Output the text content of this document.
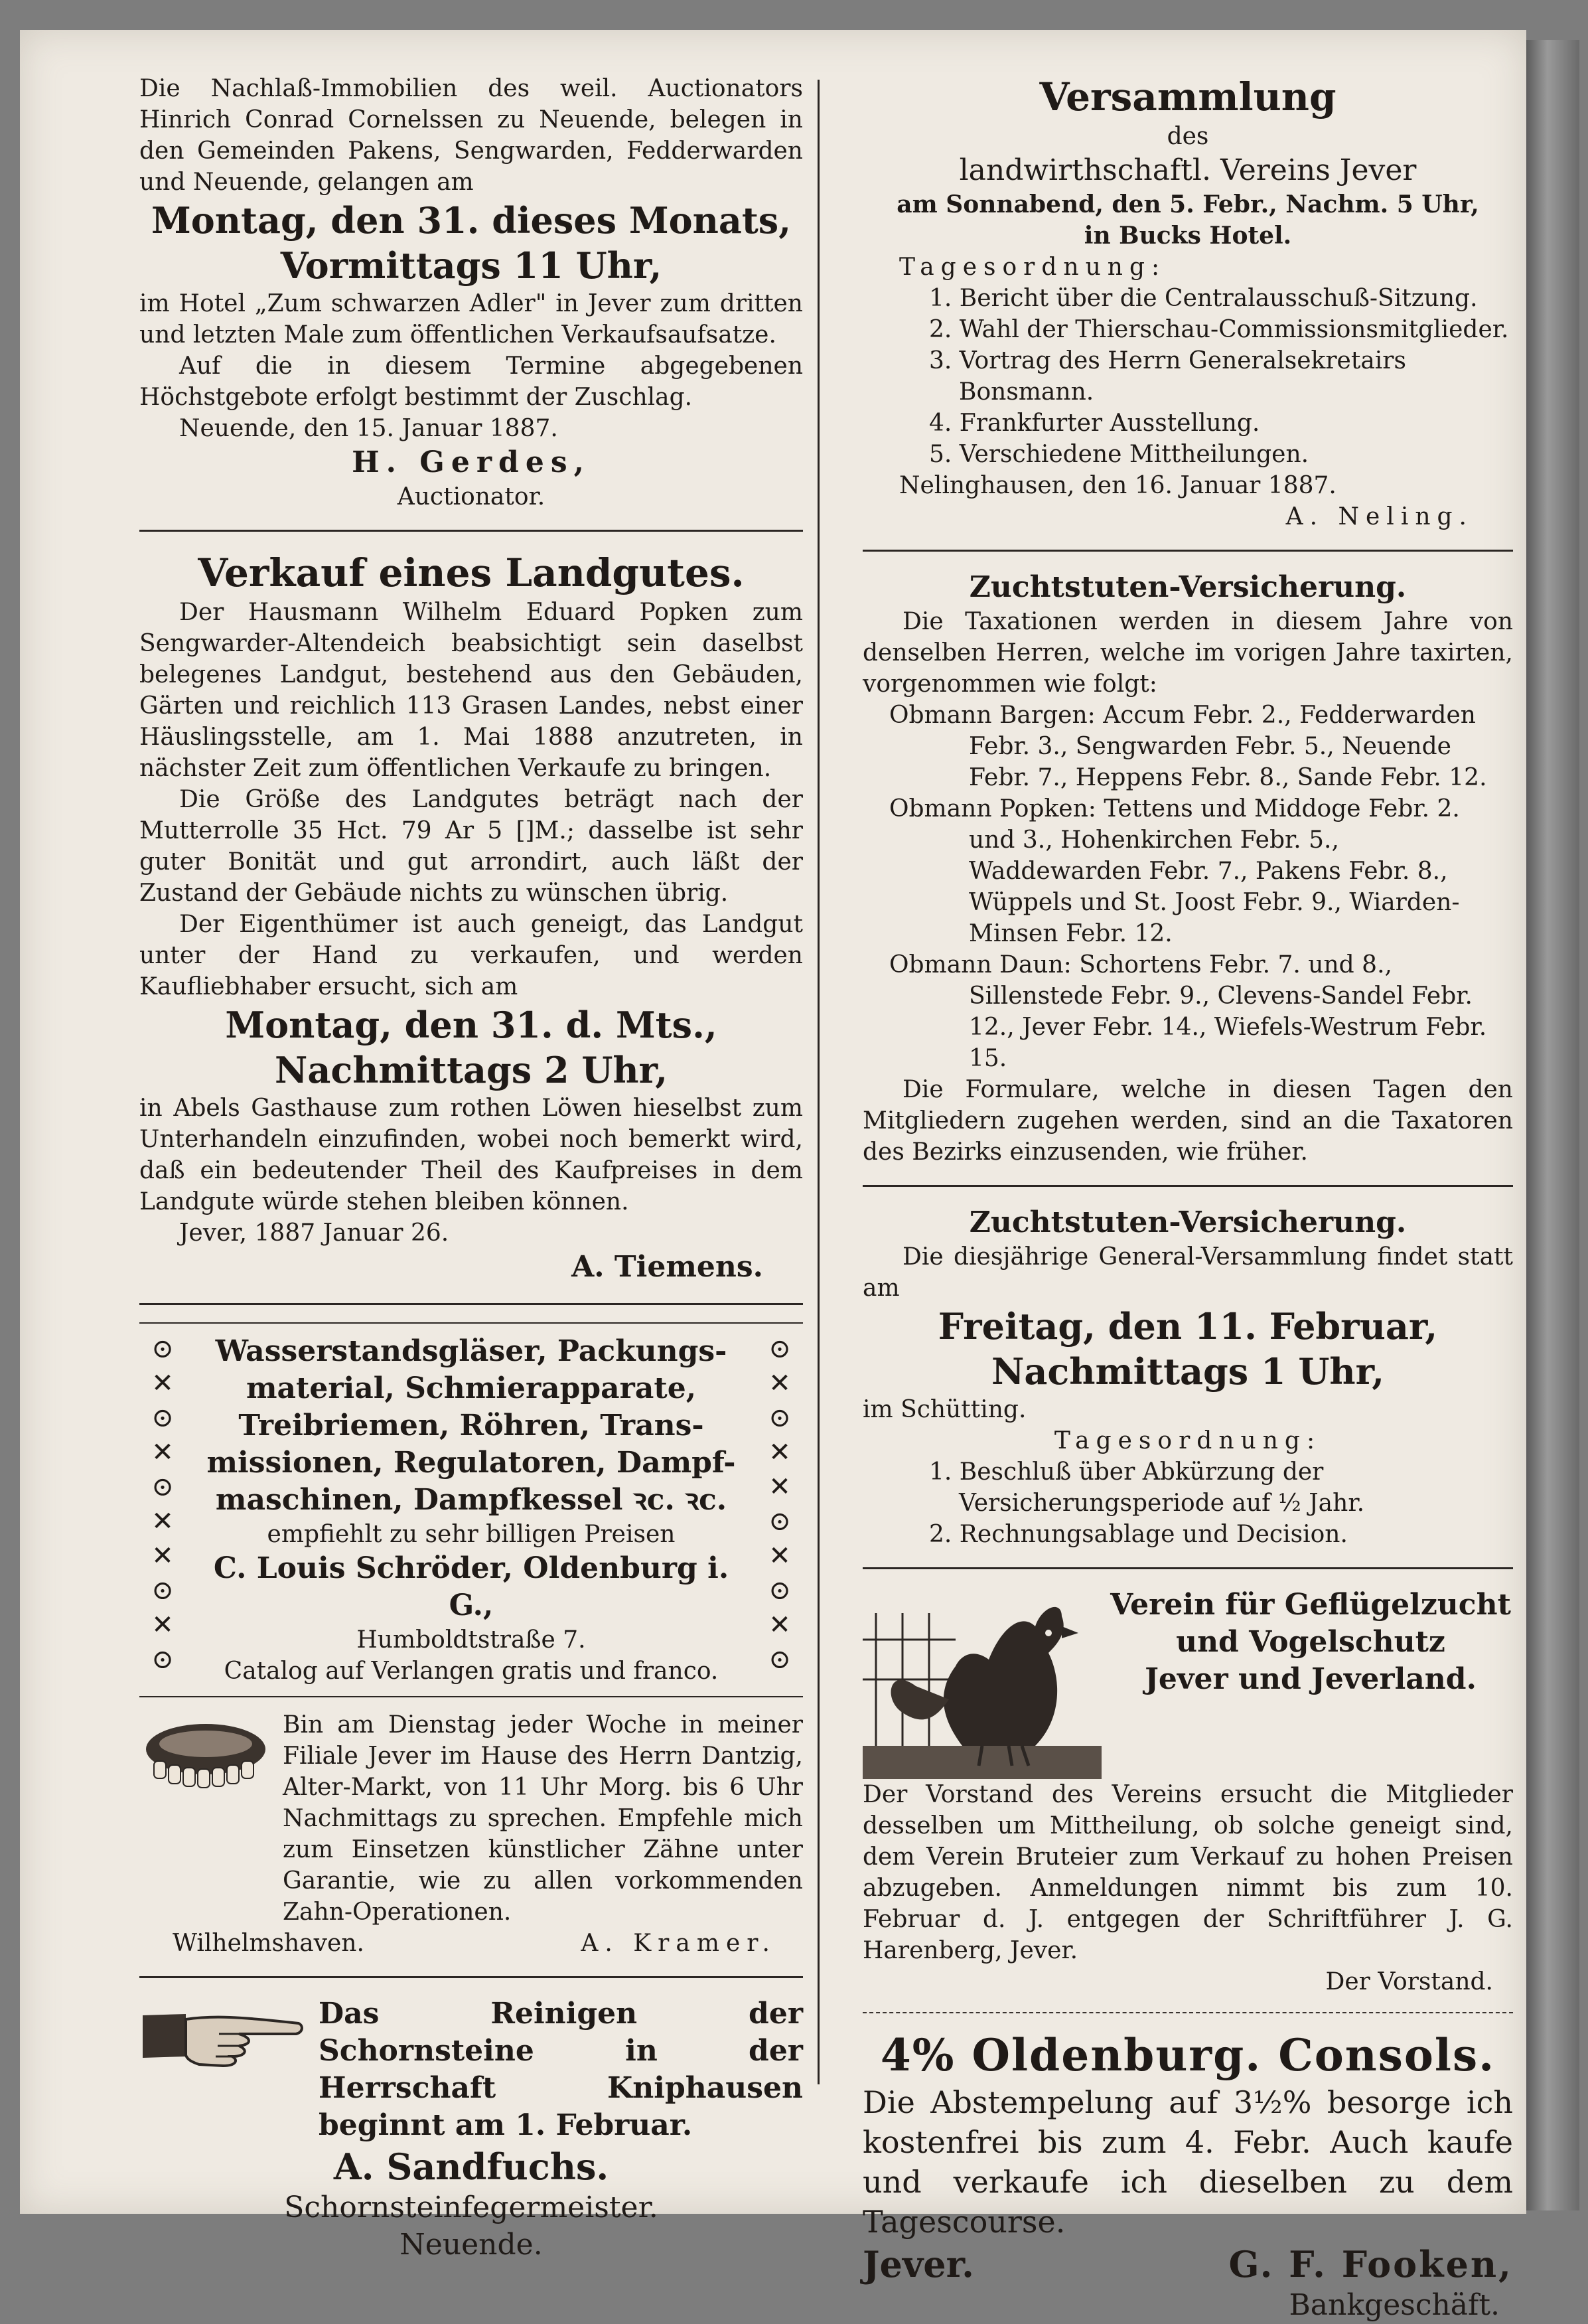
Die Nachlaß-Immobilien des weil. Auctionators Hinrich Conrad Cornelssen zu Neuende, belegen in den Gemeinden Pakens, Sengwarden, Fedderwarden und Neuende, gelangen am

Montag, den 31. dieses Monats,

Vormittags 11 Uhr,

im Hotel „Zum schwarzen Adler" in Jever zum dritten und letzten Male zum öffentlichen Verkaufsaufsatze.

Auf die in diesem Termine abgegebenen Höchstgebote erfolgt bestimmt der Zuschlag.

Neuende, den 15. Januar 1887.

H. Gerdes,

Auctionator.

Verkauf eines Landgutes.

Der Hausmann Wilhelm Eduard Popken zum Sengwarder-Altendeich beabsichtigt sein daselbst belegenes Landgut, bestehend aus den Gebäuden, Gärten und reichlich 113 Grasen Landes, nebst einer Häuslingsstelle, am 1. Mai 1888 anzutreten, in nächster Zeit zum öffentlichen Verkaufe zu bringen.

Die Größe des Landgutes beträgt nach der Mutterrolle 35 Hct. 79 Ar 5 []M.; dasselbe ist sehr guter Bonität und gut arrondirt, auch läßt der Zustand der Gebäude nichts zu wünschen übrig.

Der Eigenthümer ist auch geneigt, das Landgut unter der Hand zu verkaufen, und werden Kaufliebhaber ersucht, sich am

Montag, den 31. d. Mts.,

Nachmittags 2 Uhr,

in Abels Gasthause zum rothen Löwen hieselbst zum Unterhandeln einzufinden, wobei noch bemerkt wird, daß ein bedeutender Theil des Kaufpreises in dem Landgute würde stehen bleiben können.

Jever, 1887 Januar 26.

A. Tiemens.

⊙
✕
⊙
✕
⊙
✕
✕
⊙
✕
⊙
⊙
✕
⊙
✕
✕
⊙
✕
⊙
✕
⊙

Wasserstandsgläser, Packungs-

material, Schmierapparate,

Treibriemen, Röhren, Trans-

missionen, Regulatoren, Dampf-

maschinen, Dampfkessel ꝛc. ꝛc.

empfiehlt zu sehr billigen Preisen

C. Louis Schröder, Oldenburg i. G.,

Humboldtstraße 7.

Catalog auf Verlangen gratis und franco.

Bin am Dienstag jeder Woche in meiner Filiale Jever im Hause des Herrn Dantzig, Alter-Markt, von 11 Uhr Morg. bis 6 Uhr Nachmittags zu sprechen. Empfehle mich zum Einsetzen künstlicher Zähne unter Garantie, wie zu allen vorkommenden Zahn-Operationen.

Wilhelmshaven.	A. Kramer.

Das Reinigen der Schornsteine in der Herrschaft Kniphausen beginnt am 1. Februar.

A. Sandfuchs.

Schornsteinfegermeister.

Neuende.

Versammlung

des

landwirthschaftl. Vereins Jever

am Sonnabend, den 5. Febr., Nachm. 5 Uhr,

in Bucks Hotel.

Tagesordnung:

1. Bericht über die Centralausschuß-Sitzung.
2. Wahl der Thierschau-Commissionsmitglieder.
3. Vortrag des Herrn Generalsekretairs Bonsmann.
4. Frankfurter Ausstellung.
5. Verschiedene Mittheilungen.

Nelinghausen, den 16. Januar 1887.

A. Neling.

Zuchtstuten-Versicherung.

Die Taxationen werden in diesem Jahre von denselben Herren, welche im vorigen Jahre taxirten, vorgenommen wie folgt:

Obmann Bargen: Accum Febr. 2., Fedderwarden Febr. 3., Sengwarden Febr. 5., Neuende Febr. 7., Heppens Febr. 8., Sande Febr. 12.
Obmann Popken: Tettens und Middoge Febr. 2. und 3., Hohenkirchen Febr. 5., Waddewarden Febr. 7., Pakens Febr. 8., Wüppels und St. Joost Febr. 9., Wiarden-Minsen Febr. 12.
Obmann Daun: Schortens Febr. 7. und 8., Sillenstede Febr. 9., Clevens-Sandel Febr. 12., Jever Febr. 14., Wiefels-Westrum Febr. 15.

Die Formulare, welche in diesen Tagen den Mitgliedern zugehen werden, sind an die Taxatoren des Bezirks einzusenden, wie früher.

Zuchtstuten-Versicherung.

Die diesjährige General-Versammlung findet statt am

Freitag, den 11. Februar,

Nachmittags 1 Uhr,

im Schütting.

Tagesordnung:

1. Beschluß über Abkürzung der Versicherungsperiode auf ½ Jahr.
2. Rechnungsablage und Decision.

Verein für Geflügelzucht

und Vogelschutz

Jever und Jeverland.

Der Vorstand des Vereins ersucht die Mitglieder desselben um Mittheilung, ob solche geneigt sind, dem Verein Bruteier zum Verkauf zu hohen Preisen abzugeben. Anmeldungen nimmt bis zum 10. Februar d. J. entgegen der Schriftführer J. G. Harenberg, Jever.

Der Vorstand.

4% Oldenburg. Consols.

Die Abstempelung auf 3½% besorge ich kostenfrei bis zum 4. Febr. Auch kaufe und verkaufe ich dieselben zu dem Tagescourse.

Jever.	G. F. Fooken,

Bankgeschäft.
